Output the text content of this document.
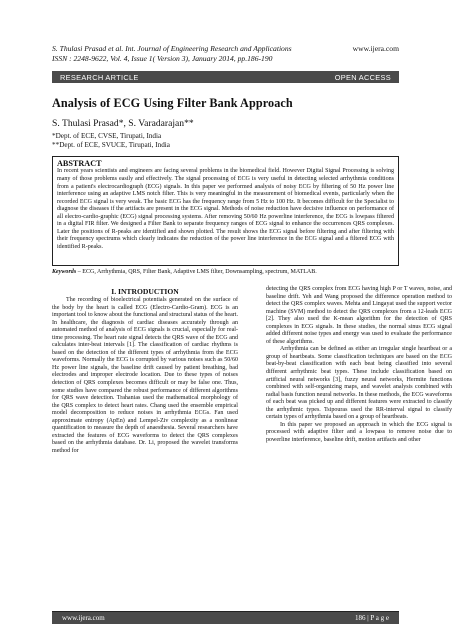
S. Thulasi Prasad et al. Int. Journal of Engineering Research and Applications
ISSN : 2248-9622, Vol. 4, Issue 1( Version 3), January 2014, pp.186-190
www.ijera.com
RESEARCH ARTICLE	OPEN ACCESS
Analysis of ECG Using Filter Bank Approach
S. Thulasi Prasad*, S. Varadarajan**
*Dept. of ECE, CVSE, Tirupati, India
**Dept. of ECE, SVUCE, Tirupati, India
ABSTRACT
In recent years scientists and engineers are facing several problems in the biomedical field. However Digital Signal Processing is solving many of those problems easily and effectively. The signal processing of ECG is very useful in detecting selected arrhythmia conditions from a patient's electrocardiograph (ECG) signals. In this paper we performed analysis of noisy ECG by filtering of 50 Hz power line interference using an adaptive LMS notch filter. This is very meaningful in the measurement of biomedical events, particularly when the recorded ECG signal is very weak. The basic ECG has the frequency range from 5 Hz to 100 Hz. It becomes difficult for the Specialist to diagnose the diseases if the artifacts are present in the ECG signal. Methods of noise reduction have decisive influence on performance of all electro-cardio-graphic (ECG) signal processing systems. After removing 50/60 Hz powerline interference, the ECG is lowpass filtered in a digital FIR filter. We designed a Filter Bank to separate frequency ranges of ECG signal to enhance the occurrences QRS complexes. Later the positions of R-peaks are identified and shown plotted. The result shows the ECG signal before filtering and after filtering with their frequency spectrums which clearly indicates the reduction of the power line interference in the ECG signal and a filtered ECG with identified R-peaks.
Keywords – ECG, Arrhythmia, QRS, Filter Bank, Adaptive LMS filter, Downsampling, spectrum, MATLAB.
I. INTRODUCTION

The recording of bioelectrical potentials generated on the surface of the body by the heart is called ECG (Electro-Cardio-Gram). ECG is an important tool to know about the functional and structural status of the heart. In healthcare, the diagnosis of cardiac diseases accurately through an automated method of analysis of ECG signals is crucial, especially for real-time processing. The heart rate signal detects the QRS wave of the ECG and calculates inter-beat intervals [1]. The classification of cardiac rhythms is based on the detection of the different types of arrhythmia from the ECG waveforms. Normally the ECG is corrupted by various noises such as 50/60 Hz power line signals, the baseline drift caused by patient breathing, bad electrodes and improper electrode location. Due to these types of noises detection of QRS complexes becomes difficult or may be false one. Thus, some studies have compared the robust performance of different algorithms for QRS wave detection. Trahanias used the mathematical morphology of the QRS complex to detect heart rates. Chang used the ensemble empirical model decomposition to reduce noises in arrhythmia ECGs. Fan used approximate entropy (ApEn) and Lempel-Ziv complexity as a nonlinear quantification to measure the depth of anaesthesia. Several researchers have extracted the features of ECG waveforms to detect the QRS complexes based on the arrhythmia database. Dr. Li, proposed the wavelet transforms method for

detecting the QRS complex from ECG having high P or T waves, noise, and baseline drift. Yeh and Wang proposed the difference operation method to detect the QRS complex waves. Mehta and Lingayat used the support vector machine (SVM) method to detect the QRS complexes from a 12-leads ECG [2]. They also used the K-mean algorithm for the detection of QRS complexes in ECG signals. In these studies, the normal sinus ECG signal added different noise types and energy was used to evaluate the performance of these algorithms.

Arrhythmia can be defined as either an irregular single heartbeat or a group of heartbeats. Some classification techniques are based on the ECG beat-by-beat classification with each beat being classified into several different arrhythmic beat types. These include classification based on artificial neural networks [3], fuzzy neural networks, Hermite functions combined with self-organizing maps, and wavelet analysis combined with radial basis function neural networks. In these methods, the ECG waveforms of each beat was picked up and different features were extracted to classify the arrhythmic types. Tsipouras used the RR-interval signal to classify certain types of arrhythmia based on a group of heartbeats.

In this paper we proposed an approach in which the ECG signal is processed with adaptive filter and a lowpass to remove noise due to powerline interference, baseline drift, motion artifacts and other

www.ijera.com	186 | P a g e
